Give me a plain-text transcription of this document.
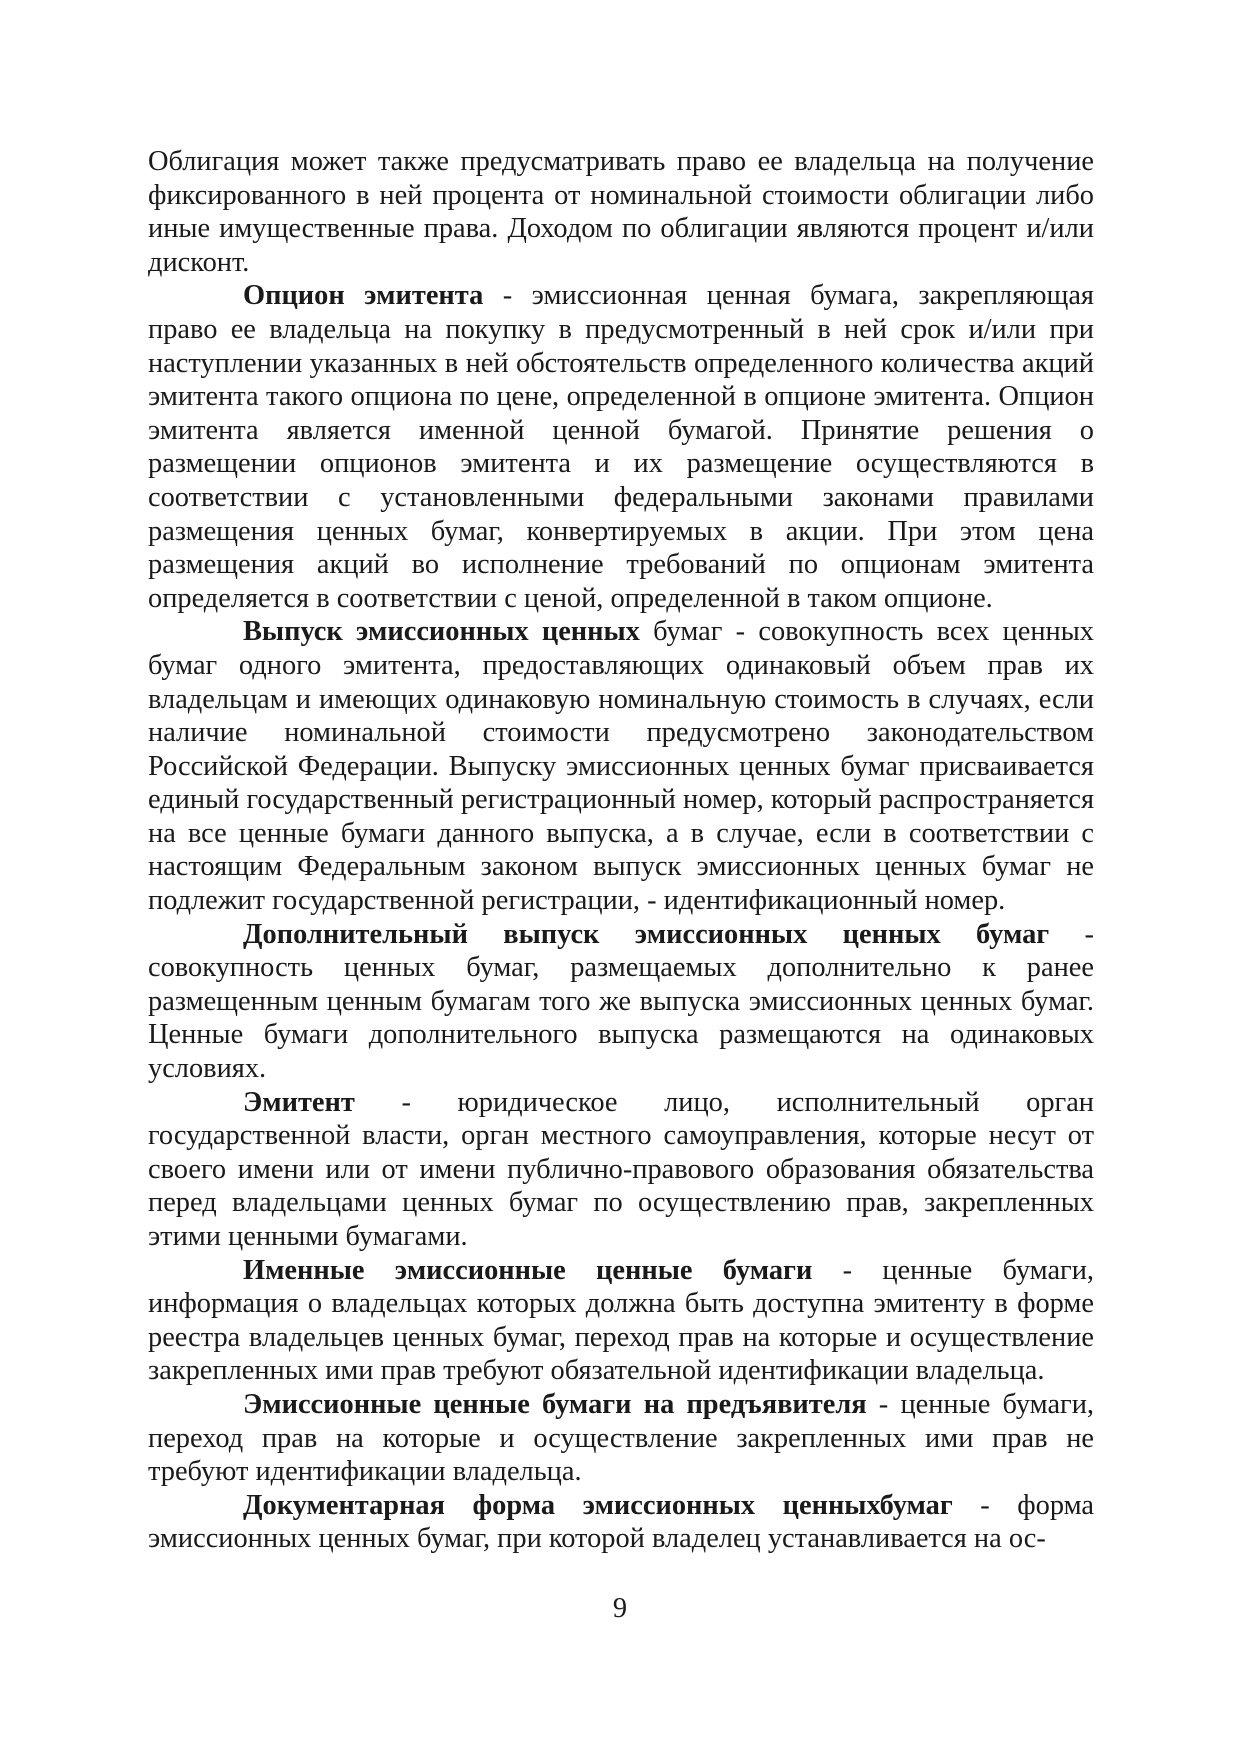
Облигация может также предусматривать право ее владельца на получение фиксированного в ней процента от номинальной стоимости облигации либо иные имущественные права. Доходом по облигации являются процент и/или дисконт.

Опцион эмитента - эмиссионная ценная бумага, закрепляющая право ее владельца на покупку в предусмотренный в ней срок и/или при наступлении указанных в ней обстоятельств определенного количества акций эмитента такого опциона по цене, определенной в опционе эмитента. Опцион эмитента является именной ценной бумагой. Принятие решения о размещении опционов эмитента и их размещение осуществляются в соответствии с установленными федеральными законами правилами размещения ценных бумаг, конвертируемых в акции. При этом цена размещения акций во исполнение требований по опционам эмитента определяется в соответствии с ценой, определенной в таком опционе.

Выпуск эмиссионных ценных бумаг - совокупность всех ценных бумаг одного эмитента, предоставляющих одинаковый объем прав их владельцам и имеющих одинаковую номинальную стоимость в случаях, если наличие номинальной стоимости предусмотрено законодательством Российской Федерации. Выпуску эмиссионных ценных бумаг присваивается единый государственный регистрационный номер, который распространяется на все ценные бумаги данного выпуска, а в случае, если в соответствии с настоящим Федеральным законом выпуск эмиссионных ценных бумаг не подлежит государственной регистрации, - идентификационный номер.

Дополнительный выпуск эмиссионных ценных бумаг - совокупность ценных бумаг, размещаемых дополнительно к ранее размещенным ценным бумагам того же выпуска эмиссионных ценных бумаг. Ценные бумаги дополнительного выпуска размещаются на одинаковых условиях.

Эмитент - юридическое лицо, исполнительный орган государственной власти, орган местного самоуправления, которые несут от своего имени или от имени публично-правового образования обязательства перед владельцами ценных бумаг по осуществлению прав, закрепленных этими ценными бумагами.

Именные эмиссионные ценные бумаги - ценные бумаги, информация о владельцах которых должна быть доступна эмитенту в форме реестра владельцев ценных бумаг, переход прав на которые и осуществление закрепленных ими прав требуют обязательной идентификации владельца.

Эмиссионные ценные бумаги на предъявителя - ценные бумаги, переход прав на которые и осуществление закрепленных ими прав не требуют идентификации владельца.

Документарная форма эмиссионных ценныхбумаг - форма эмиссионных ценных бумаг, при которой владелец устанавливается на ос-

9
